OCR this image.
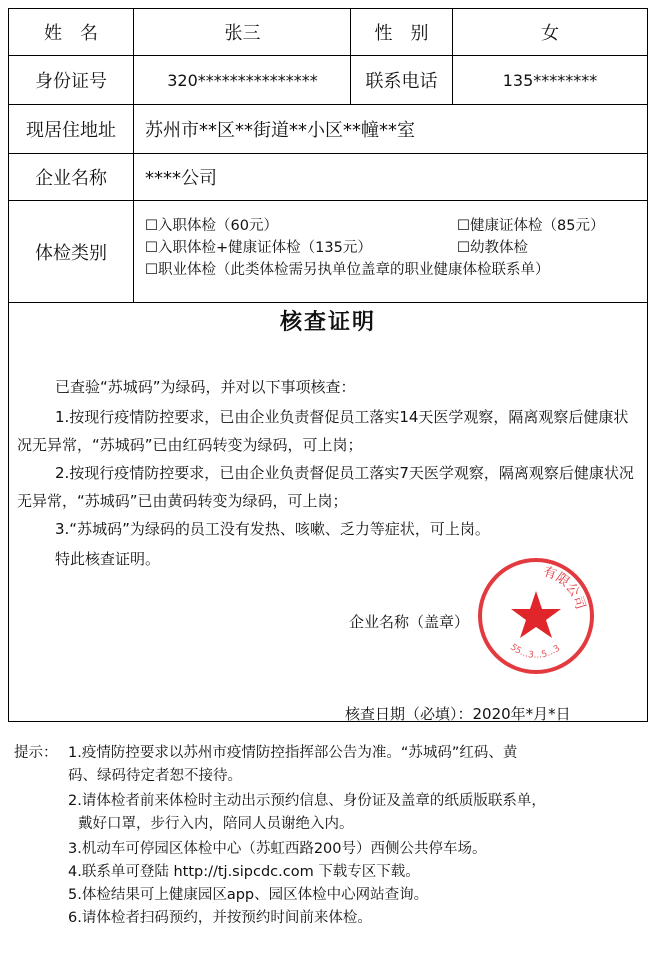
姓　名	张三	性　别	女
身份证号	320***************	联系电话	135********
现居住地址	苏州市**区**街道**小区**幢**室
企业名称	****公司
体检类别
☐入职体检（60元）	☐健康证体检（85元）
☐入职体检+健康证体检（135元）	☐幼教体检
☐职业体检（此类体检需另执单位盖章的职业健康体检联系单）
核查证明
已查验“苏城码”为绿码，并对以下事项核查：
1.按现行疫情防控要求，已由企业负责督促员工落实14天医学观察，隔离观察后健康状况无异常，“苏城码”已由红码转变为绿码，可上岗；
2.按现行疫情防控要求，已由企业负责督促员工落实7天医学观察，隔离观察后健康状况无异常，“苏城码”已由黄码转变为绿码，可上岗；
3.“苏城码”为绿码的员工没有发热、咳嗽、乏力等症状，可上岗。
特此核查证明。
企业名称（盖章）
有限公司
55...3...5...3
核查日期（必填）：2020年*月*日
提示： 1.疫情防控要求以苏州市疫情防控指挥部公告为准。“苏城码”红码、黄
码、绿码待定者恕不接待。
2.请体检者前来体检时主动出示预约信息、身份证及盖章的纸质版联系单，
戴好口罩，步行入内，陪同人员谢绝入内。
3.机动车可停园区体检中心（苏虹西路200号）西侧公共停车场。
4.联系单可登陆 http://tj.sipcdc.com 下载专区下载。
5.体检结果可上健康园区app、园区体检中心网站查询。
6.请体检者扫码预约，并按预约时间前来体检。
